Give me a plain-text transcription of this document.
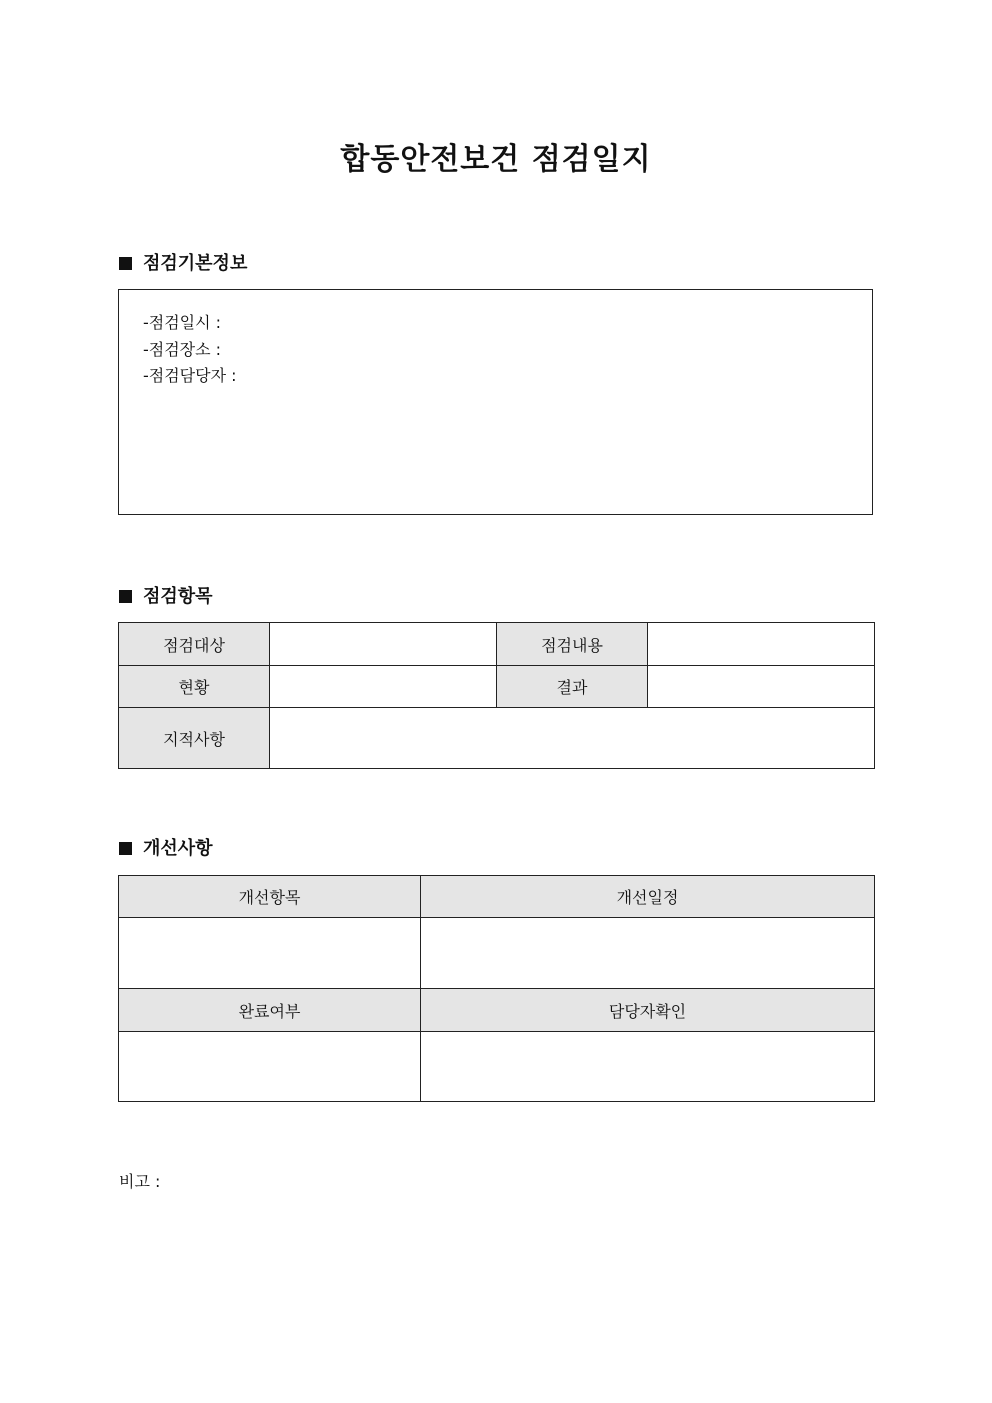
합동안전보건 점검일지
점검기본정보
-점검일시 :
-점검장소 :
-점검담당자 :
점검항목
점검대상		점검내용	
현황		결과	
지적사항			
개선사항
개선항목	개선일정

완료여부	담당자확인

비고 :
